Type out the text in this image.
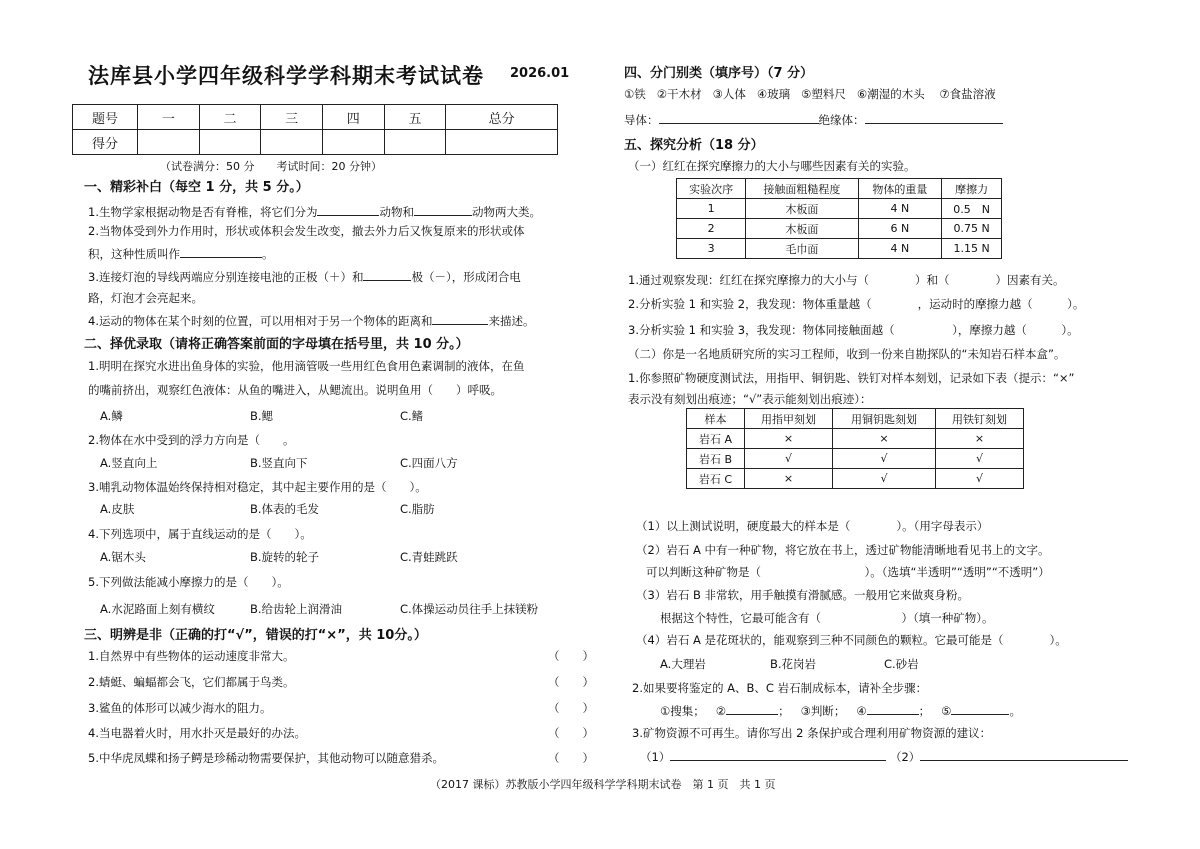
法库县小学四年级科学学科期末考试试卷 2026.01
题号	一	二	三	四	五	总分
得分						
（试卷满分：50 分　　考试时间：20 分钟）
一、精彩补白（每空 1 分，共 5 分。）
1.生物学家根据动物是否有脊椎，将它们分为	动物和	动物两大类。
2.当物体受到外力作用时，形状或体积会发生改变，撤去外力后又恢复原来的形状或体
积，这种性质叫作	。
3.连接灯泡的导线两端应分别连接电池的正极（＋）和	极（－），形成闭合电
路，灯泡才会亮起来。
4.运动的物体在某个时刻的位置，可以用相对于另一个物体的距离和	来描述。
二、择优录取（请将正确答案前面的字母填在括号里，共 10 分。）
1.明明在探究水进出鱼身体的实验，他用滴管吸一些用红色食用色素调制的液体，在鱼
的嘴前挤出，观察红色液体：从鱼的嘴进入，从鳃流出。说明鱼用（　　）呼吸。
A.鳞	B.鳃	C.鳍
2.物体在水中受到的浮力方向是（　　。
A.竖直向上	B.竖直向下	C.四面八方
3.哺乳动物体温始终保持相对稳定，其中起主要作用的是（　　）。
A.皮肤	B.体表的毛发	C.脂肪
4.下列选项中，属于直线运动的是（　　）。
A.锯木头	B.旋转的轮子	C.青蛙跳跃
5.下列做法能减小摩擦力的是（　　）。
A.水泥路面上刻有横纹	B.给齿轮上润滑油	C.体操运动员往手上抹镁粉
三、明辨是非（正确的打“√”，错误的打“×”，共 10分。）
1.自然界中有些物体的运动速度非常大。	（　　）
2.蜻蜓、蝙蝠都会飞，它们都属于鸟类。	（　　）
3.鲨鱼的体形可以减少海水的阻力。	（　　）
4.当电器着火时，用水扑灭是最好的办法。	（　　）
5.中华虎凤蝶和扬子鳄是珍稀动物需要保护，其他动物可以随意猎杀。	（　　）
四、分门别类（填序号）（7 分）
①铁 ②干木材 ③人体 ④玻璃 ⑤塑料尺 ⑥潮湿的木头 ⑦食盐溶液
导体：	绝缘体：
五、探究分析（18 分）
（一）红红在探究摩擦力的大小与哪些因素有关的实验。
实验次序	接触面粗糙程度	物体的重量	摩擦力
1	木板面	4 N	0.5　N
2	木板面	6 N	0.75 N
3	毛巾面	4 N	1.15 N
1.通过观察发现：红红在探究摩擦力的大小与（　　　　）和（　　　　）因素有关。
2.分析实验 1 和实验 2，我发现：物体重量越（　　　　，运动时的摩擦力越（　　　）。
3.分析实验 1 和实验 3，我发现：物体同接触面越（　　　　　），摩擦力越（　　　）。
（二）你是一名地质研究所的实习工程师，收到一份来自勘探队的“未知岩石样本盒”。
1.你参照矿物硬度测试法，用指甲、铜钥匙、铁钉对样本刻划，记录如下表（提示：“×”
表示没有刻划出痕迹；“√”表示能刻划出痕迹）：
样本	用指甲刻划	用铜钥匙刻划	用铁钉刻划
岩石 A	×	×	×
岩石 B	√	√	√
岩石 C	×	√	√
（1）以上测试说明，硬度最大的样本是（　　　　）。（用字母表示）
（2）岩石 A 中有一种矿物，将它放在书上，透过矿物能清晰地看见书上的文字。
可以判断这种矿物是（　　　　　　　　　）。（选填“半透明”“透明”“不透明”）
（3）岩石 B 非常软，用手触摸有滑腻感。一般用它来做爽身粉。
根据这个特性，它最可能含有（　　　　　　　）（填一种矿物）。
（4）岩石 A 是花斑状的，能观察到三种不同颜色的颗粒。它最可能是（　　　　）。
A.大理岩	B.花岗岩	C.砂岩
2.如果要将鉴定的 A、B、C 岩石制成标本，请补全步骤：
①搜集； ②	； ③判断； ④	； ⑤	。
3.矿物资源不可再生。请你写出 2 条保护或合理利用矿物资源的建议：
（1）	（2）
（2017 课标）苏教版小学四年级科学学科期末试卷　第 1 页　共 1 页
